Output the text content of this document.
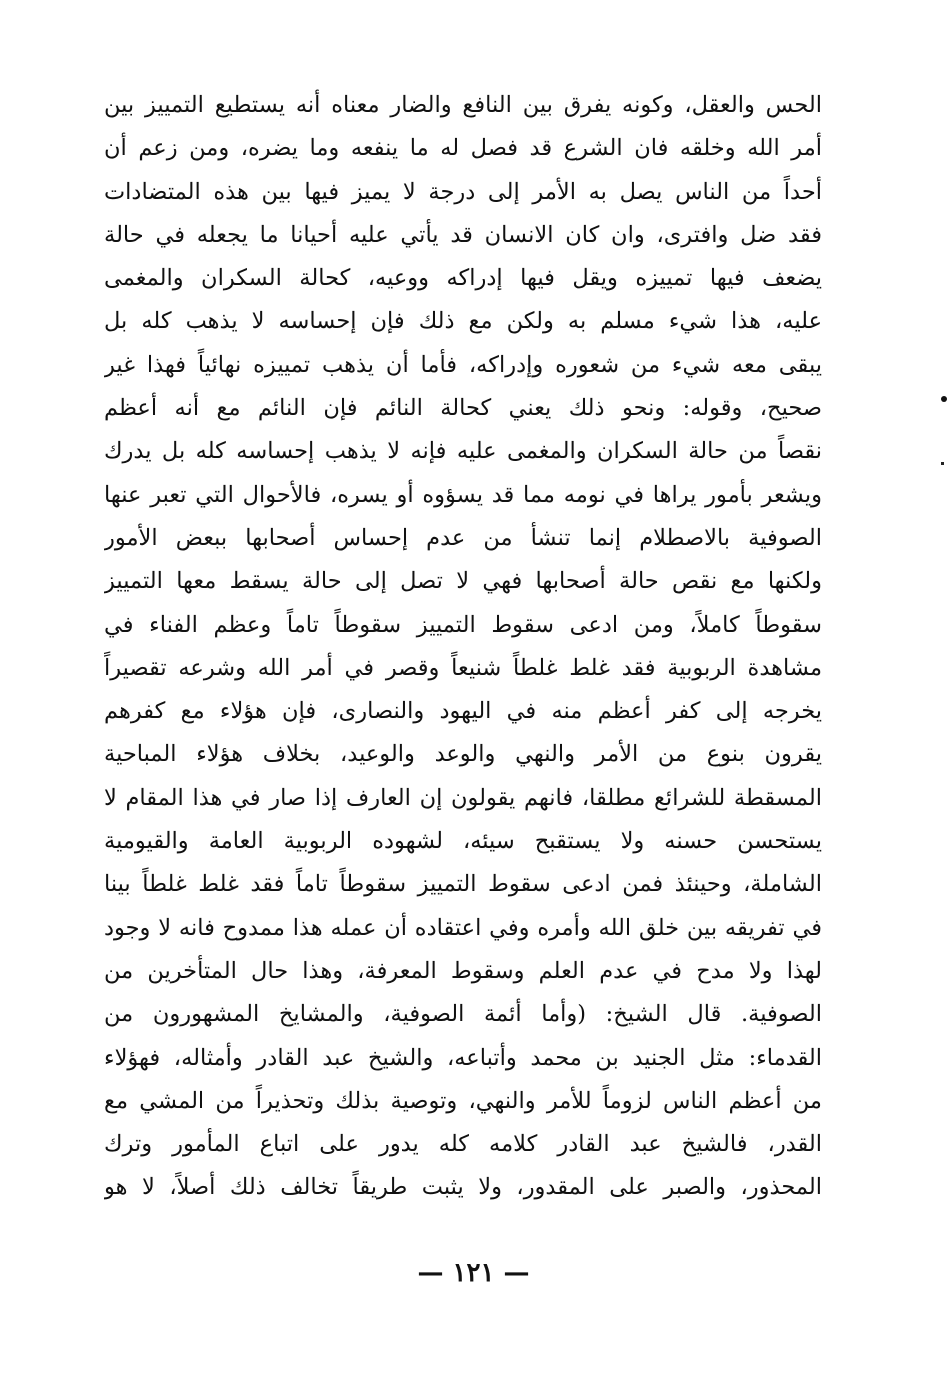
الحس والعقل، وكونه يفرق بين النافع والضار معناه أنه يستطيع التمييز بين
أمر الله وخلقه فان الشرع قد فصل له ما ينفعه وما يضره، ومن زعم أن
أحداً من الناس يصل به الأمر إلى درجة لا يميز فيها بين هذه المتضادات
فقد ضل وافترى، وان كان الانسان قد يأتي عليه أحيانا ما يجعله في حالة
يضعف فيها تمييزه ويقل فيها إدراكه ووعيه، كحالة السكران والمغمى
عليه، هذا شيء مسلم به ولكن مع ذلك فإن إحساسه لا يذهب كله بل
يبقى معه شيء من شعوره وإدراكه، فأما أن يذهب تمييزه نهائياً فهذا غير
صحيح، وقوله: ونحو ذلك يعني كحالة النائم فإن النائم مع أنه أعظم
نقصاً من حالة السكران والمغمى عليه فإنه لا يذهب إحساسه كله بل يدرك
ويشعر بأمور يراها في نومه مما قد يسؤوه أو يسره، فالأحوال التي تعبر عنها
الصوفية بالاصطلام إنما تنشأ من عدم إحساس أصحابها ببعض الأمور
ولكنها مع نقص حالة أصحابها فهي لا تصل إلى حالة يسقط معها التمييز
سقوطاً كاملاً، ومن ادعى سقوط التمييز سقوطاً تاماً وعظم الفناء في
مشاهدة الربوبية فقد غلط غلطاً شنيعاً وقصر في أمر الله وشرعه تقصيراً
يخرجه إلى كفر أعظم منه في اليهود والنصارى، فإن هؤلاء مع كفرهم
يقرون بنوع من الأمر والنهي والوعد والوعيد، بخلاف هؤلاء المباحية
المسقطة للشرائع مطلقا، فانهم يقولون إن العارف إذا صار في هذا المقام لا
يستحسن حسنه ولا يستقبح سيئه، لشهوده الربوبية العامة والقيومية
الشاملة، وحينئذ فمن ادعى سقوط التمييز سقوطاً تاماً فقد غلط غلطاً بينا
في تفريقه بين خلق الله وأمره وفي اعتقاده أن عمله هذا ممدوح فانه لا وجود
لهذا ولا مدح في عدم العلم وسقوط المعرفة، وهذا حال المتأخرين من
الصوفية. قال الشيخ: (وأما أئمة الصوفية، والمشايخ المشهورون من
القدماء: مثل الجنيد بن محمد وأتباعه، والشيخ عبد القادر وأمثاله، فهؤلاء
من أعظم الناس لزوماً للأمر والنهي، وتوصية بذلك وتحذيراً من المشي مع
القدر، فالشيخ عبد القادر كلامه كله يدور على اتباع المأمور وترك
المحذور، والصبر على المقدور، ولا يثبت طريقاً تخالف ذلك أصلاً، لا هو
— ١٢١ —
